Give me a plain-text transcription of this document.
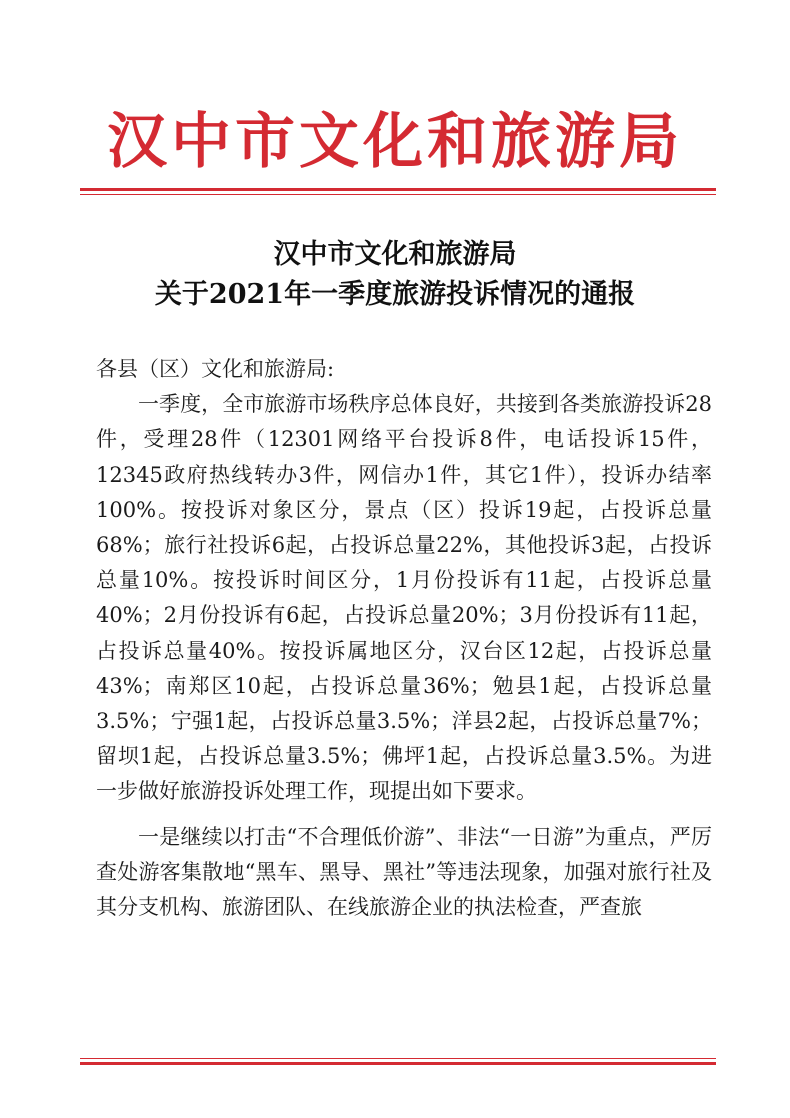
汉中市文化和旅游局
汉中市文化和旅游局
关于2021年一季度旅游投诉情况的通报

各县（区）文化和旅游局:

一季度，全市旅游市场秩序总体良好，共接到各类旅游投诉28件，受理28件（12301网络平台投诉8件，电话投诉15件，12345政府热线转办3件，网信办1件，其它1件），投诉办结率100%。按投诉对象区分，景点（区）投诉19起，占投诉总量68%；旅行社投诉6起，占投诉总量22%，其他投诉3起，占投诉总量10%。按投诉时间区分，1月份投诉有11起，占投诉总量40%；2月份投诉有6起，占投诉总量20%；3月份投诉有11起，占投诉总量40%。按投诉属地区分，汉台区12起，占投诉总量43%；南郑区10起，占投诉总量36%；勉县1起，占投诉总量3.5%；宁强1起，占投诉总量3.5%；洋县2起，占投诉总量7%；留坝1起，占投诉总量3.5%；佛坪1起，占投诉总量3.5%。为进一步做好旅游投诉处理工作，现提出如下要求。

一是继续以打击“不合理低价游”、非法“一日游”为重点，严厉查处游客集散地“黑车、黑导、黑社”等违法现象，加强对旅行社及其分支机构、旅游团队、在线旅游企业的执法检查，严查旅
